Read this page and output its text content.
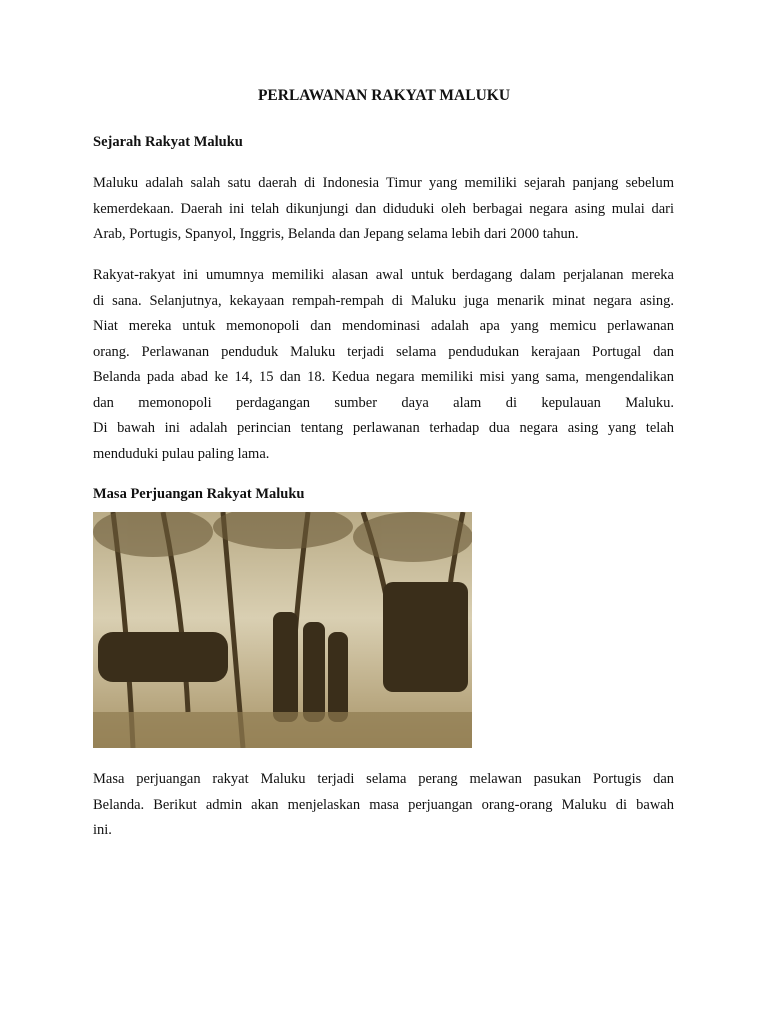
PERLAWANAN RAKYAT MALUKU
Sejarah Rakyat Maluku
Maluku adalah salah satu daerah di Indonesia Timur yang memiliki sejarah panjang sebelum
kemerdekaan. Daerah ini telah dikunjungi dan diduduki oleh berbagai negara asing mulai dari
Arab, Portugis, Spanyol, Inggris, Belanda dan Jepang selama lebih dari 2000 tahun.
Rakyat-rakyat ini umumnya memiliki alasan awal untuk berdagang dalam perjalanan mereka
di sana. Selanjutnya, kekayaan rempah-rempah di Maluku juga menarik minat negara asing.
Niat mereka untuk memonopoli dan mendominasi adalah apa yang memicu perlawanan
orang. Perlawanan penduduk Maluku terjadi selama pendudukan kerajaan Portugal dan
Belanda pada abad ke 14, 15 dan 18. Kedua negara memiliki misi yang sama, mengendalikan
dan memonopoli perdagangan sumber daya alam di kepulauan Maluku.
Di bawah ini adalah perincian tentang perlawanan terhadap dua negara asing yang telah
menduduki pulau paling lama.
Masa Perjuangan Rakyat Maluku
Masa perjuangan rakyat Maluku terjadi selama perang melawan pasukan Portugis dan
Belanda. Berikut admin akan menjelaskan masa perjuangan orang-orang Maluku di bawah
ini.
